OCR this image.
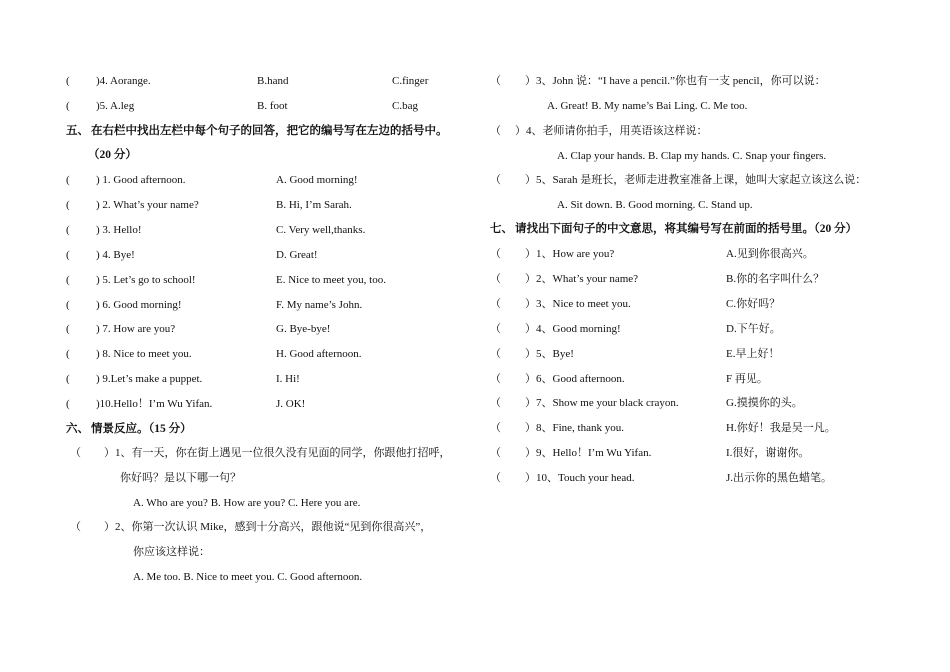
( )4. Aorange.	B.hand	C.finger
( )5. A.leg	B. foot	C.bag
五、 在右栏中找出左栏中每个句子的回答，把它的编号写在左边的括号中。
（20 分）
( ) 1. Good afternoon.	A. Good morning!
( ) 2. What’s your name?	B. Hi, I’m Sarah.
( ) 3. Hello!	C. Very well,thanks.
( ) 4. Bye!	D. Great!
( ) 5. Let’s go to school!	E. Nice to meet you, too.
( ) 6. Good morning!	F. My name’s John.
( ) 7. How are you?	G. Bye-bye!
( ) 8. Nice to meet you.	H. Good afternoon.
( ) 9.Let’s make a puppet.	I. Hi!
( )10.Hello！I’m Wu Yifan.	J. OK!
六、 情景反应。（15 分）
（ ）1、有一天，你在街上遇见一位很久没有见面的同学，你跟他打招呼，
你好吗？是以下哪一句？
A. Who are you? B. How are you? C. Here you are.
（ ）2、你第一次认识 Mike，感到十分高兴，跟他说“见到你很高兴”，
你应该这样说：
A. Me too. B. Nice to meet you. C. Good afternoon.
（ ）3、John 说：“I have a pencil.”你也有一支 pencil，你可以说：
A. Great! B. My name’s Bai Ling. C. Me too.
（ ）4、老师请你拍手，用英语该这样说：
A. Clap your hands. B. Clap my hands. C. Snap your fingers.
（ ）5、Sarah 是班长，老师走进教室准备上课，她叫大家起立该这么说：
A. Sit down. B. Good morning. C. Stand up.
七、 请找出下面句子的中文意思，将其编号写在前面的括号里。（20 分）
（ ）1、How are you?	A.见到你很高兴。
（ ）2、What’s your name?	B.你的名字叫什么？
（ ）3、Nice to meet you.	C.你好吗？
（ ）4、Good morning!	D.下午好。
（ ）5、Bye!	E.早上好！
（ ）6、Good afternoon.	F 再见。
（ ）7、Show me your black crayon.	G.摸摸你的头。
（ ）8、Fine, thank you.	H.你好！我是吴一凡。
（ ）9、Hello！I’m Wu Yifan.	I.很好，谢谢你。
（ ）10、Touch your head.	J.出示你的黑色蜡笔。
